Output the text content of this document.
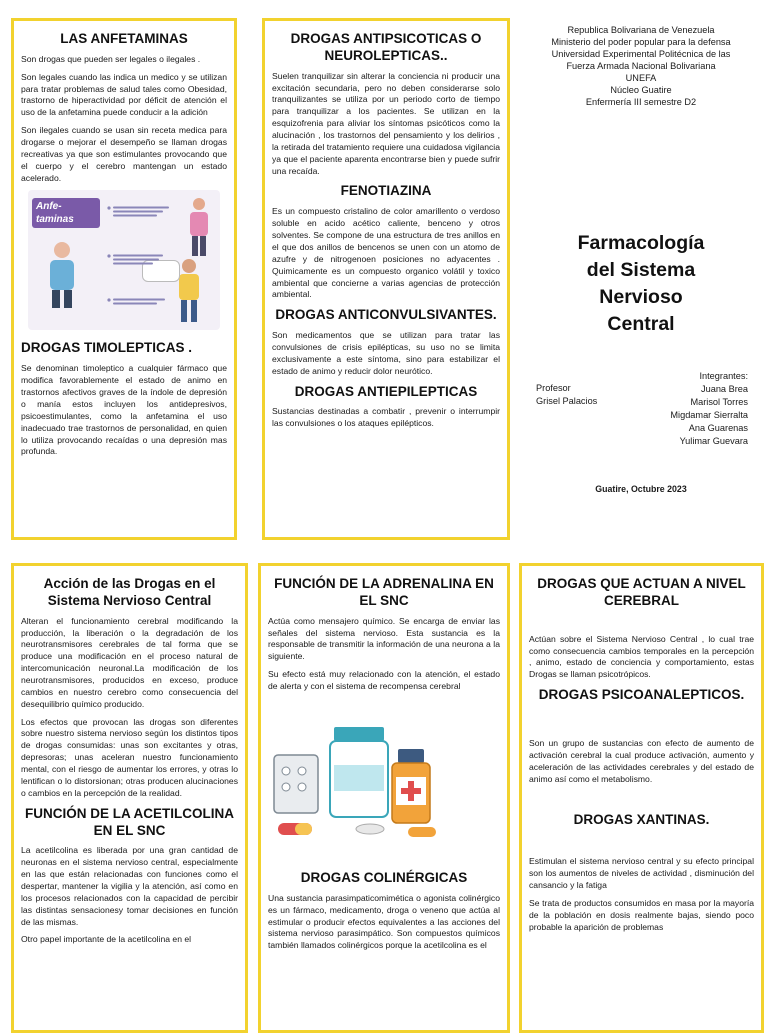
LAS ANFETAMINAS

Son drogas que pueden ser legales o ilegales .

Son legales cuando las indica un medico y se utilizan para tratar problemas de salud tales como Obesidad, trastorno de hiperactividad por déficit de atención el uso de la anfetamina puede conducir a la adición

Son ilegales cuando se usan sin receta medica para drogarse o mejorar el desempeño se llaman drogas recreativas ya que son estimulantes provocando que el cuerpo y el cerebro mantengan un estado acelerado.

Anfe-taminas
DROGAS TIMOLEPTICAS .

Se denominan timoleptico a cualquier fármaco que modifica favorablemente el estado de animo en trastornos afectivos graves de la índole de depresión o manía estos incluyen los antidepresivos, psicoestimulantes, como la anfetamina el uso inadecuado trae trastornos de personalidad, en quien lo utiliza provocando recaídas o una depresión mas profunda.

DROGAS ANTIPSICOTICAS O NEUROLEPTICAS..

Suelen tranquilizar sin alterar la conciencia ni producir una excitación secundaria, pero no deben considerarse solo tranquilizantes se utiliza por un periodo corto de tiempo para tranquilizar a los pacientes. Se utilizan en la esquizofrenia para aliviar los síntomas psicóticos como la alucinación , los trastornos del pensamiento y los delirios , la retirada del tratamiento requiere una cuidadosa vigilancia ya que el paciente aparenta encontrarse bien y puede sufrir una recaída.

FENOTIAZINA

Es un compuesto cristalino de color amarillento o verdoso soluble en acido acético caliente, benceno y otros solventes. Se compone de una estructura de tres anillos en el que dos anillos de bencenos se unen con un atomo de azufre y de nitrogenoen posiciones no adyacentes . Quimicamente es un compuesto organico volátil y toxico ambiental que concierne a varias agencias de protección ambiental.

DROGAS ANTICONVULSIVANTES.

Son medicamentos que se utilizan para tratar las convulsiones de crisis epilépticas, su uso no se limita exclusivamente a este síntoma, sino para estabilizar el estado de animo y reducir dolor neurótico.

DROGAS ANTIEPILEPTICAS

Sustancias destinadas a combatir , prevenir o interrumpir las convulsiones o los ataques epilépticos.

Republica Bolivariana de Venezuela
Ministerio del poder popular para la defensa
Universidad Experimental Politécnica de las
Fuerza Armada Nacional Bolivariana
UNEFA
Núcleo Guatire
Enfermería III semestre D2
Farmacología
del Sistema
Nervioso
Central
Integrantes:
Juana Brea
Marisol Torres
Migdamar Sierralta
Ana Guarenas
Yulimar Guevara
Profesor
Grisel Palacios
Guatire, Octubre 2023
Acción de las Drogas en el Sistema Nervioso Central

Alteran el funcionamiento cerebral modificando la producción, la liberación o la degradación de los neurotransmisores cerebrales de tal forma que se produce una modificación en el proceso natural de intercomunicación neuronal.La modificación de los neurotransmisores, producidos en exceso, produce cambios en nuestro cerebro como consecuencia del desequilibrio químico producido.

Los efectos que provocan las drogas son diferentes sobre nuestro sistema nervioso según los distintos tipos de drogas consumidas: unas son excitantes y otras, depresoras; unas aceleran nuestro funcionamiento mental, con el riesgo de aumentar los errores, y otras lo lentifican o lo distorsionan; otras producen alucinaciones o cambios en la percepción de la realidad.

FUNCIÓN DE LA ACETILCOLINA EN EL SNC

La acetilcolina es liberada por una gran cantidad de neuronas en el sistema nervioso central, especialmente en las que están relacionadas con funciones como el despertar, mantener la vigilia y la atención, así como en los procesos relacionados con la capacidad de percibir las distintas sensacionesy tomar decisiones en función de las mismas.

Otro papel importante de la acetilcolina en el

FUNCIÓN DE LA ADRENALINA EN EL SNC

Actúa como mensajero químico. Se encarga de enviar las señales del sistema nervioso. Esta sustancia es la responsable de transmitir la información de una neurona a la siguiente.

Su efecto está muy relacionado con la atención, el estado de alerta y con el sistema de recompensa cerebral

DROGAS COLINÉRGICAS

Una sustancia parasimpaticomimética o agonista colinérgico es un fármaco, medicamento, droga o veneno que actúa al estimular o producir efectos equivalentes a las acciones del sistema nervioso parasimpático. Son compuestos químicos también llamados colinérgicos porque la acetilcolina es el

DROGAS QUE ACTUAN A NIVEL CEREBRAL

Actúan sobre el Sistema Nervioso Central , lo cual trae como consecuencia cambios temporales en la percepción , animo, estado de conciencia y comportamiento, estas Drogas se llaman psicotrópicos.

DROGAS PSICOANALEPTICOS.

Son un grupo de sustancias con efecto de aumento de activación cerebral la cual produce activación, aumento y aceleración de las actividades cerebrales y del estado de animo así como el metabolismo.

DROGAS XANTINAS.

Estimulan el sistema nervioso central y su efecto principal son los aumentos de niveles de actividad , disminución del cansancio y la fatiga

Se trata de productos consumidos en masa por la mayoría de la población en dosis realmente bajas, siendo poco probable la aparición de problemas
